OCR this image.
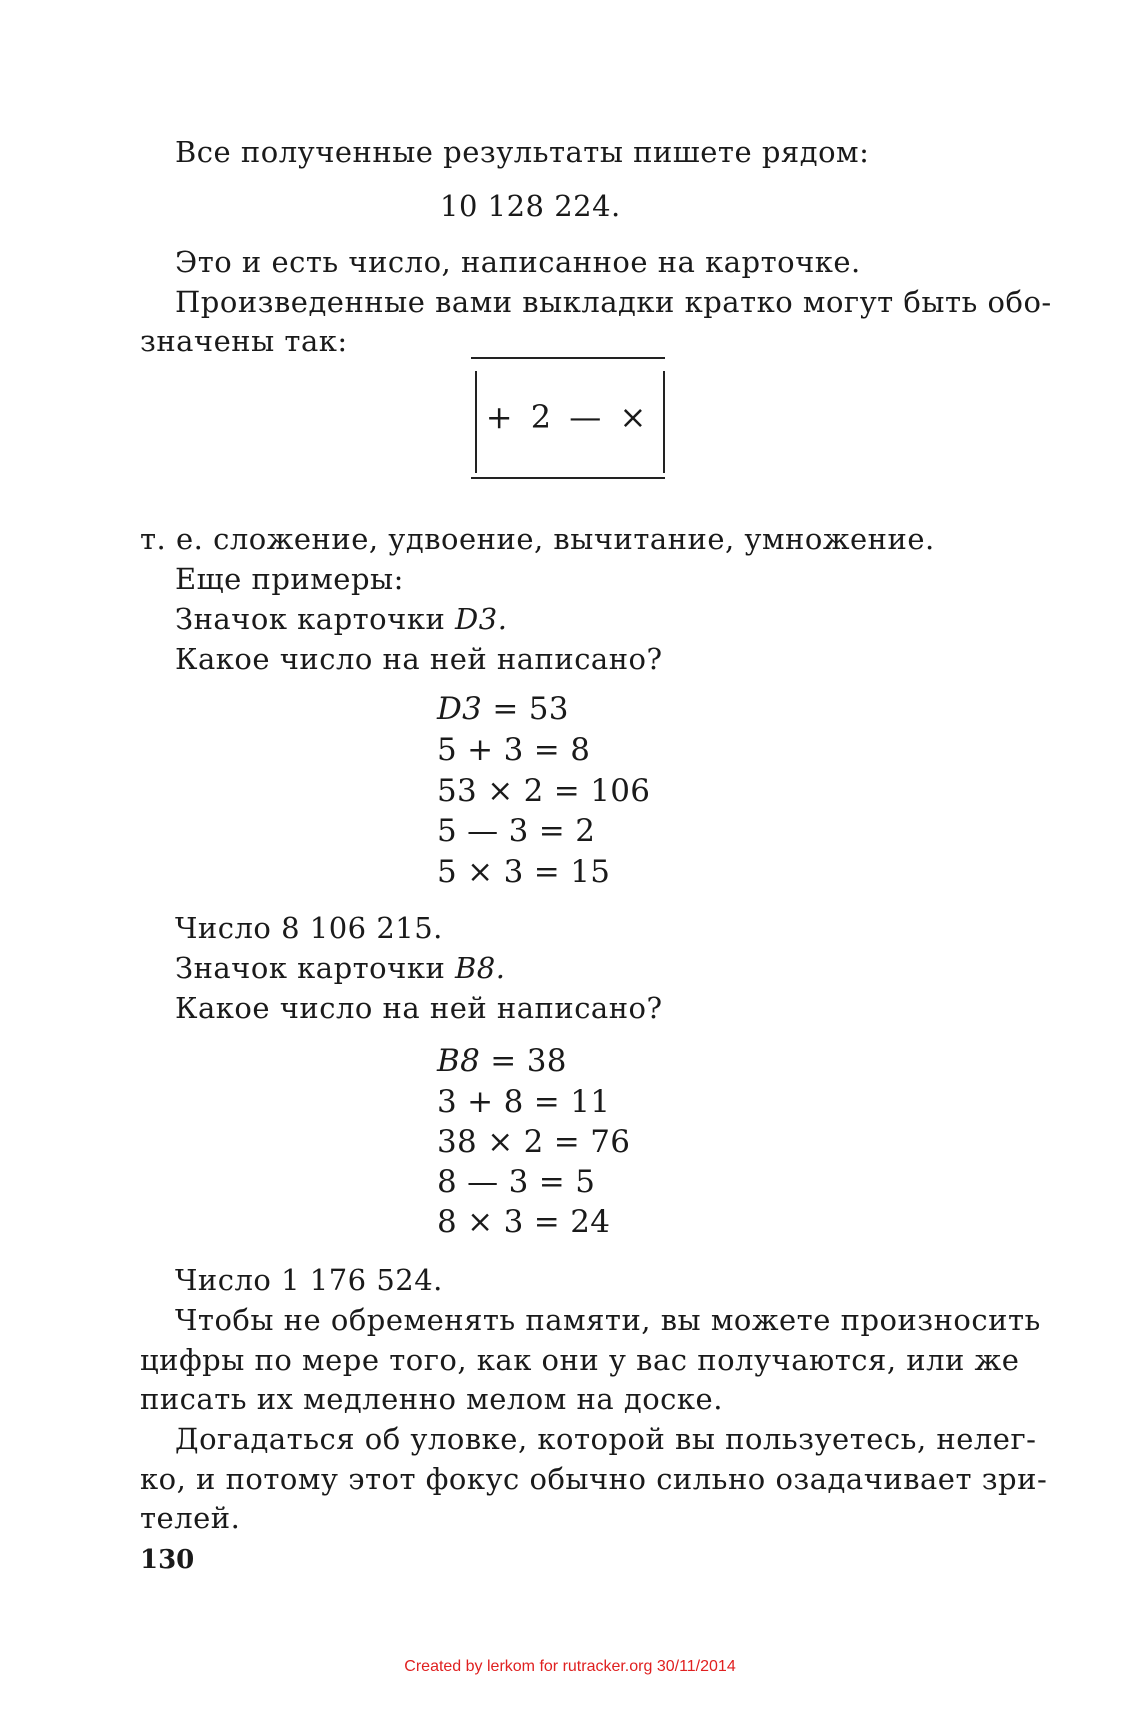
Все полученные результаты пишете рядом:
10 128 224.
Это и есть число, написанное на карточке.
Произведенные вами выкладки кратко могут быть обо-
значены так:
+ 2 — ×
т. е. сложение, удвоение, вычитание, умножение.
Еще примеры:
Значок карточки D3.
Какое число на ней написано?
D3 = 53
5 + 3 = 8
53 × 2 = 106
5 — 3 = 2
5 × 3 = 15
Число 8 106 215.
Значок карточки B8.
Какое число на ней написано?
B8 = 38
3 + 8 = 11
38 × 2 = 76
8 — 3 = 5
8 × 3 = 24
Число 1 176 524.
Чтобы не обременять памяти, вы можете произносить
цифры по мере того, как они у вас получаются, или же
писать их медленно мелом на доске.
Догадаться об уловке, которой вы пользуетесь, нелег-
ко, и потому этот фокус обычно сильно озадачивает зри-
телей.
130
Created by lerkom for rutracker.org 30/11/2014
